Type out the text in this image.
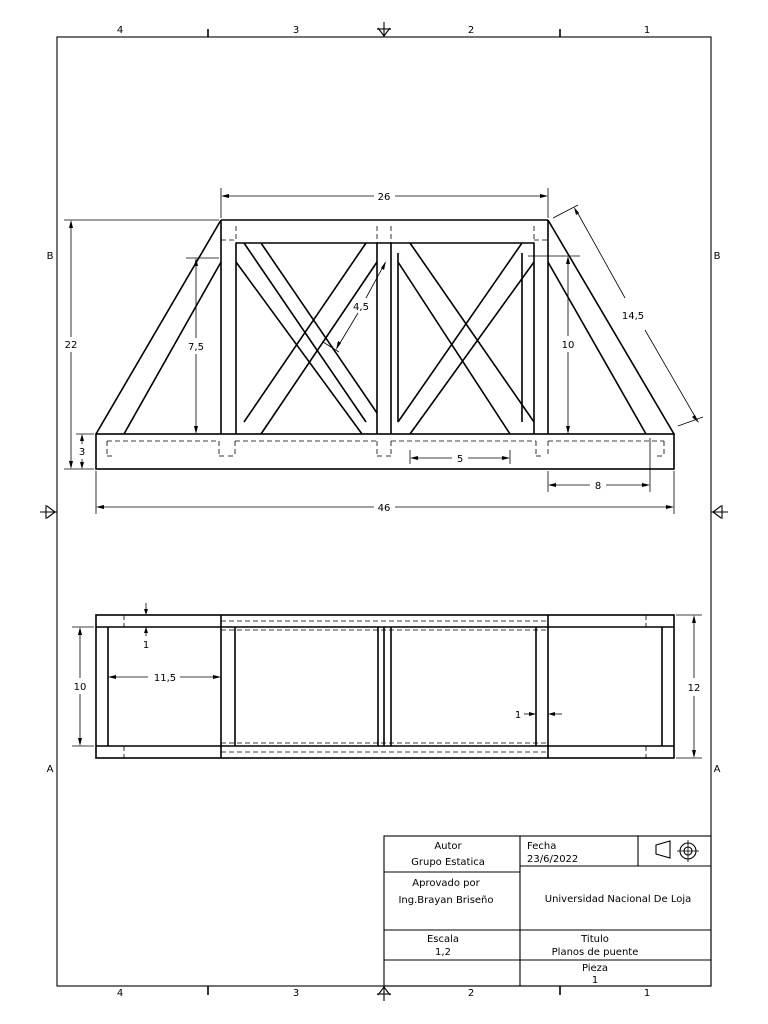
4	3	2	1
4	3	2	1
B	B
A	A
26
22
3
7,5
4,5
10
14,5
5
8
46
10	12
11,5
1
1
Autor
Grupo Estatica
Fecha
23/6/2022
Aprovado por
Ing.Brayan Briseño	Universidad Nacional De Loja
Escala
1,2
Titulo
Planos de puente
Pieza
1
